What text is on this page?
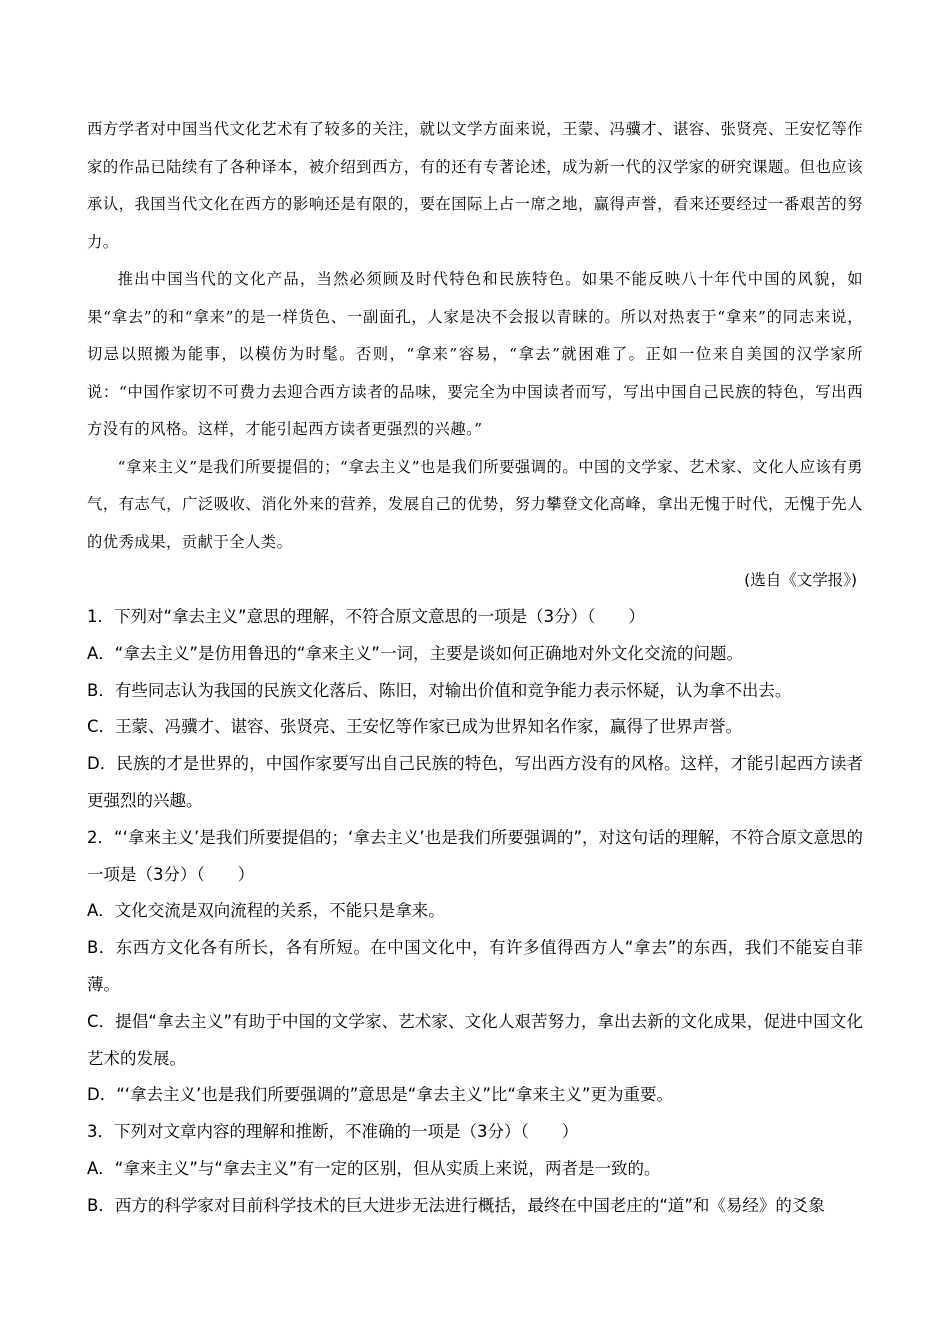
西方学者对中国当代文化艺术有了较多的关注，就以文学方面来说，王蒙、冯骥才、谌容、张贤亮、王安忆等作家的作品已陆续有了各种译本，被介绍到西方，有的还有专著论述，成为新一代的汉学家的研究课题。但也应该承认，我国当代文化在西方的影响还是有限的，要在国际上占一席之地，赢得声誉，看来还要经过一番艰苦的努力。

推出中国当代的文化产品，当然必须顾及时代特色和民族特色。如果不能反映八十年代中国的风貌，如果“拿去”的和“拿来”的是一样货色、一副面孔，人家是决不会报以青睐的。所以对热衷于“拿来”的同志来说，切忌以照搬为能事，以模仿为时髦。否则，“拿来”容易，“拿去”就困难了。正如一位来自美国的汉学家所说：“中国作家切不可费力去迎合西方读者的品味，要完全为中国读者而写，写出中国自己民族的特色，写出西方没有的风格。这样，才能引起西方读者更强烈的兴趣。”

“拿来主义”是我们所要提倡的；“拿去主义”也是我们所要强调的。中国的文学家、艺术家、文化人应该有勇气，有志气，广泛吸收、消化外来的营养，发展自己的优势，努力攀登文化高峰，拿出无愧于时代，无愧于先人的优秀成果，贡献于全人类。

(选自《文学报》)

1．下列对“拿去主义”意思的理解，不符合原文意思的一项是（3分）（　　）

A．“拿去主义”是仿用鲁迅的“拿来主义”一词，主要是谈如何正确地对外文化交流的问题。

B．有些同志认为我国的民族文化落后、陈旧，对输出价值和竞争能力表示怀疑，认为拿不出去。

C．王蒙、冯骥才、谌容、张贤亮、王安忆等作家已成为世界知名作家，赢得了世界声誉。

D．民族的才是世界的，中国作家要写出自己民族的特色，写出西方没有的风格。这样，才能引起西方读者更强烈的兴趣。

2．“‘拿来主义’是我们所要提倡的；‘拿去主义’也是我们所要强调的”，对这句话的理解，不符合原文意思的一项是（3分）（　　）

A．文化交流是双向流程的关系，不能只是拿来。

B．东西方文化各有所长，各有所短。在中国文化中，有许多值得西方人“拿去”的东西，我们不能妄自菲薄。

C．提倡“拿去主义”有助于中国的文学家、艺术家、文化人艰苦努力，拿出去新的文化成果，促进中国文化艺术的发展。

D．“‘拿去主义’也是我们所要强调的”意思是“拿去主义”比“拿来主义”更为重要。

3．下列对文章内容的理解和推断，不准确的一项是（3分）（　　）

A．“拿来主义”与“拿去主义”有一定的区别，但从实质上来说，两者是一致的。

B．西方的科学家对目前科学技术的巨大进步无法进行概括，最终在中国老庄的“道”和《易经》的爻象
